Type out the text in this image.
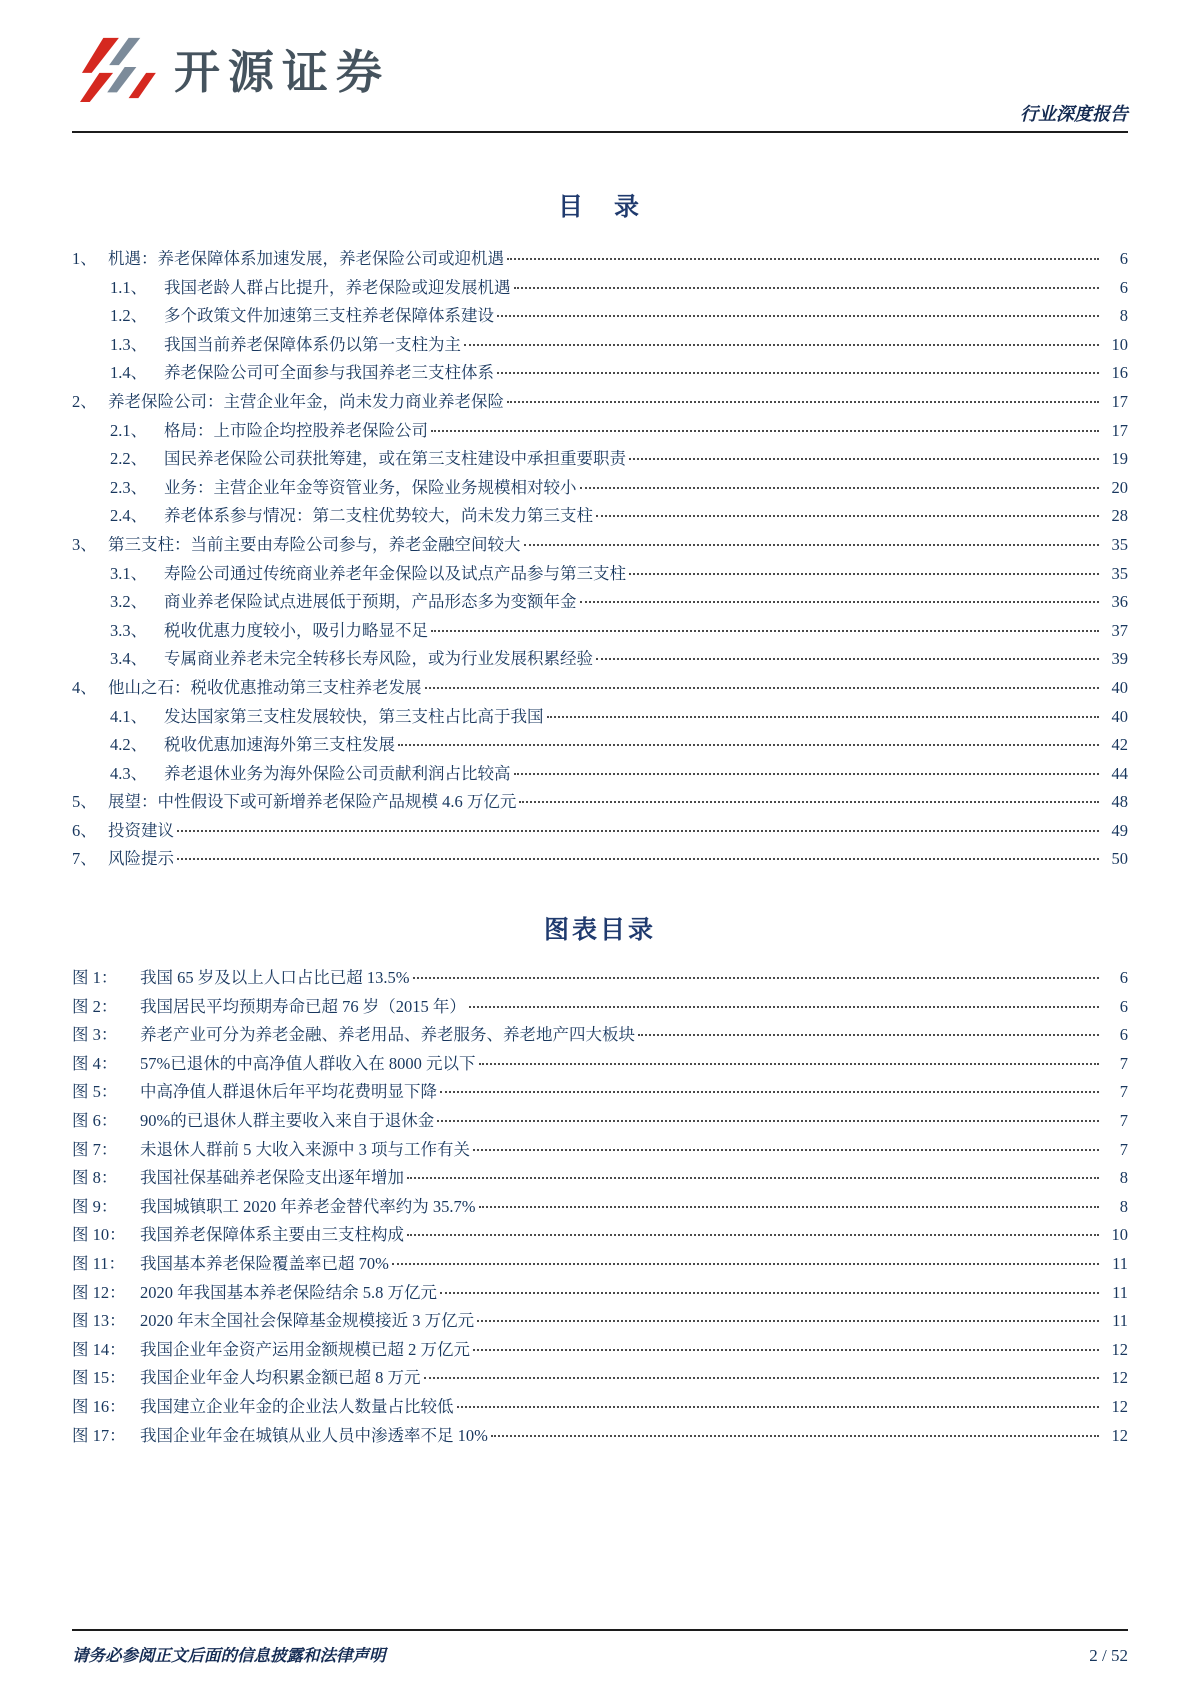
开源证券
行业深度报告
目　录
1、 机遇：养老保障体系加速发展，养老保险公司或迎机遇	6
1.1、	我国老龄人群占比提升，养老保险或迎发展机遇	6
1.2、	多个政策文件加速第三支柱养老保障体系建设	8
1.3、	我国当前养老保障体系仍以第一支柱为主	10
1.4、	养老保险公司可全面参与我国养老三支柱体系	16
2、 养老保险公司：主营企业年金，尚未发力商业养老保险	17
2.1、	格局：上市险企均控股养老保险公司	17
2.2、	国民养老保险公司获批筹建，或在第三支柱建设中承担重要职责	19
2.3、	业务：主营企业年金等资管业务，保险业务规模相对较小	20
2.4、	养老体系参与情况：第二支柱优势较大，尚未发力第三支柱	28
3、 第三支柱：当前主要由寿险公司参与，养老金融空间较大	35
3.1、	寿险公司通过传统商业养老年金保险以及试点产品参与第三支柱	35
3.2、	商业养老保险试点进展低于预期，产品形态多为变额年金	36
3.3、	税收优惠力度较小，吸引力略显不足	37
3.4、	专属商业养老未完全转移长寿风险，或为行业发展积累经验	39
4、 他山之石：税收优惠推动第三支柱养老发展	40
4.1、	发达国家第三支柱发展较快，第三支柱占比高于我国	40
4.2、	税收优惠加速海外第三支柱发展	42
4.3、	养老退休业务为海外保险公司贡献利润占比较高	44
5、 展望：中性假设下或可新增养老保险产品规模 4.6 万亿元	48
6、 投资建议	49
7、 风险提示	50
图表目录
图 1：	我国 65 岁及以上人口占比已超 13.5%	6
图 2：	我国居民平均预期寿命已超 76 岁（2015 年）	6
图 3：	养老产业可分为养老金融、养老用品、养老服务、养老地产四大板块	6
图 4：	57%已退休的中高净值人群收入在 8000 元以下	7
图 5：	中高净值人群退休后年平均花费明显下降	7
图 6：	90%的已退休人群主要收入来自于退休金	7
图 7：	未退休人群前 5 大收入来源中 3 项与工作有关	7
图 8：	我国社保基础养老保险支出逐年增加	8
图 9：	我国城镇职工 2020 年养老金替代率约为 35.7%	8
图 10： 我国养老保障体系主要由三支柱构成	10
图 11： 我国基本养老保险覆盖率已超 70%	11
图 12： 2020 年我国基本养老保险结余 5.8 万亿元	11
图 13： 2020 年末全国社会保障基金规模接近 3 万亿元	11
图 14： 我国企业年金资产运用金额规模已超 2 万亿元	12
图 15： 我国企业年金人均积累金额已超 8 万元	12
图 16： 我国建立企业年金的企业法人数量占比较低	12
图 17： 我国企业年金在城镇从业人员中渗透率不足 10%	12
请务必参阅正文后面的信息披露和法律声明	2 / 52
